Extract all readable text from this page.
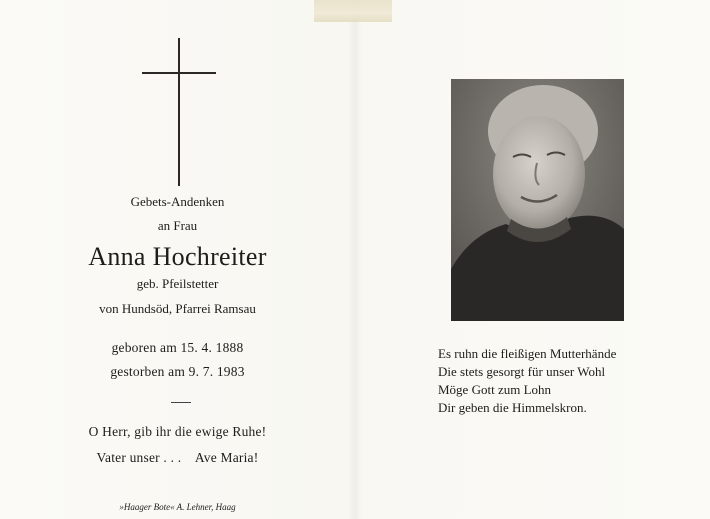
Gebets-Andenken
an Frau
Anna Hochreiter
geb. Pfeilstetter
von Hundsöd, Pfarrei Ramsau
geboren am 15. 4. 1888
gestorben am 9. 7. 1983
O Herr, gib ihr die ewige Ruhe!
Vater unser . . .    Ave Maria!
»Haager Bote« A. Lehner, Haag
Es ruhn die fleißigen Mutterhände
Die stets gesorgt für unser Wohl
Möge Gott zum Lohn
Dir geben die Himmelskron.
